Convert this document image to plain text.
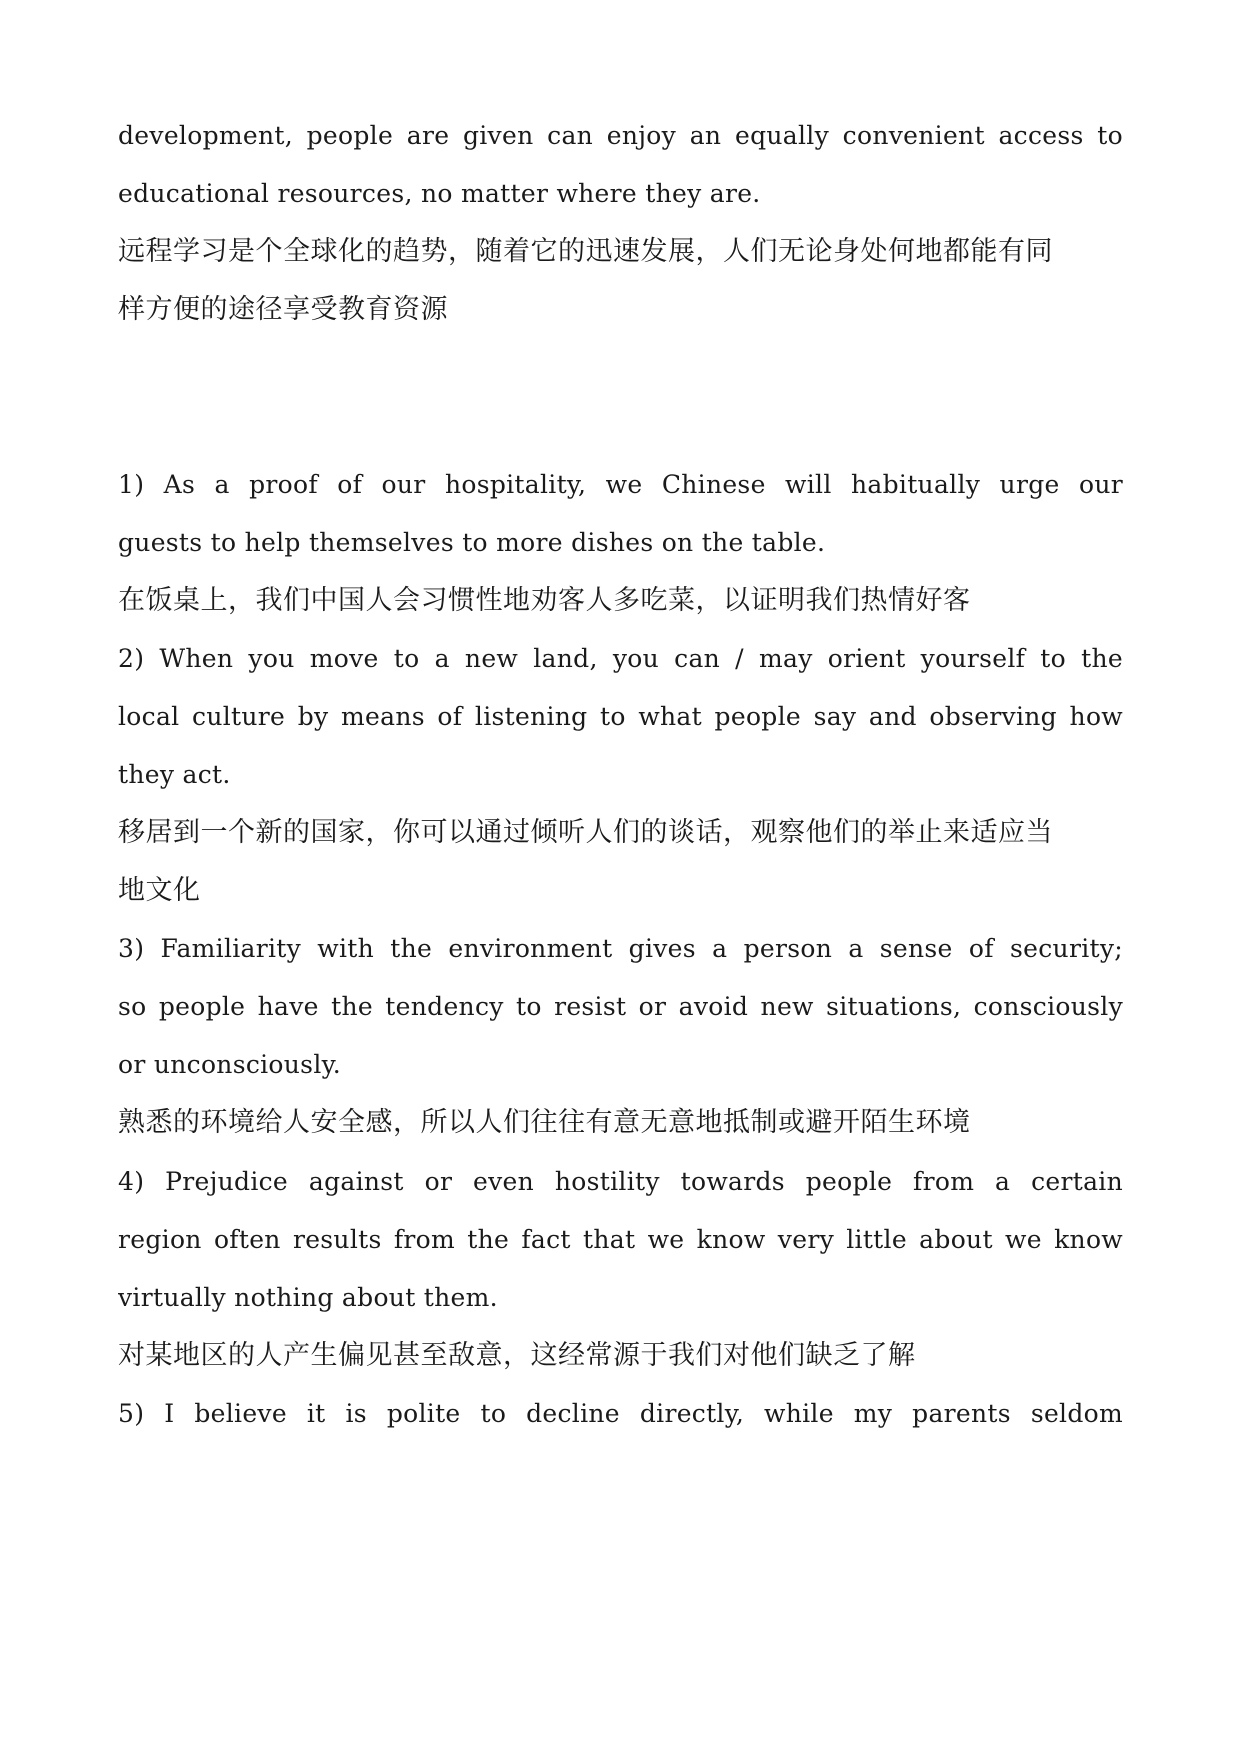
development, people are given can enjoy an equally convenient access to

educational resources, no matter where they are.

远程学习是个全球化的趋势，随着它的迅速发展，人们无论身处何地都能有同

样方便的途径享受教育资源

1) As a proof of our hospitality, we Chinese will habitually urge our

guests to help themselves to more dishes on the table.

在饭桌上，我们中国人会习惯性地劝客人多吃菜，以证明我们热情好客

2) When you move to a new land, you can / may orient yourself to the

local culture by means of listening to what people say and observing how

they act.

移居到一个新的国家，你可以通过倾听人们的谈话，观察他们的举止来适应当

地文化

3) Familiarity with the environment gives a person a sense of security;

so people have the tendency to resist or avoid new situations, consciously

or unconsciously.

熟悉的环境给人安全感，所以人们往往有意无意地抵制或避开陌生环境

4) Prejudice against or even hostility towards people from a certain

region often results from the fact that we know very little about we know

virtually nothing about them.

对某地区的人产生偏见甚至敌意，这经常源于我们对他们缺乏了解

5) I believe it is polite to decline directly, while my parents seldom
